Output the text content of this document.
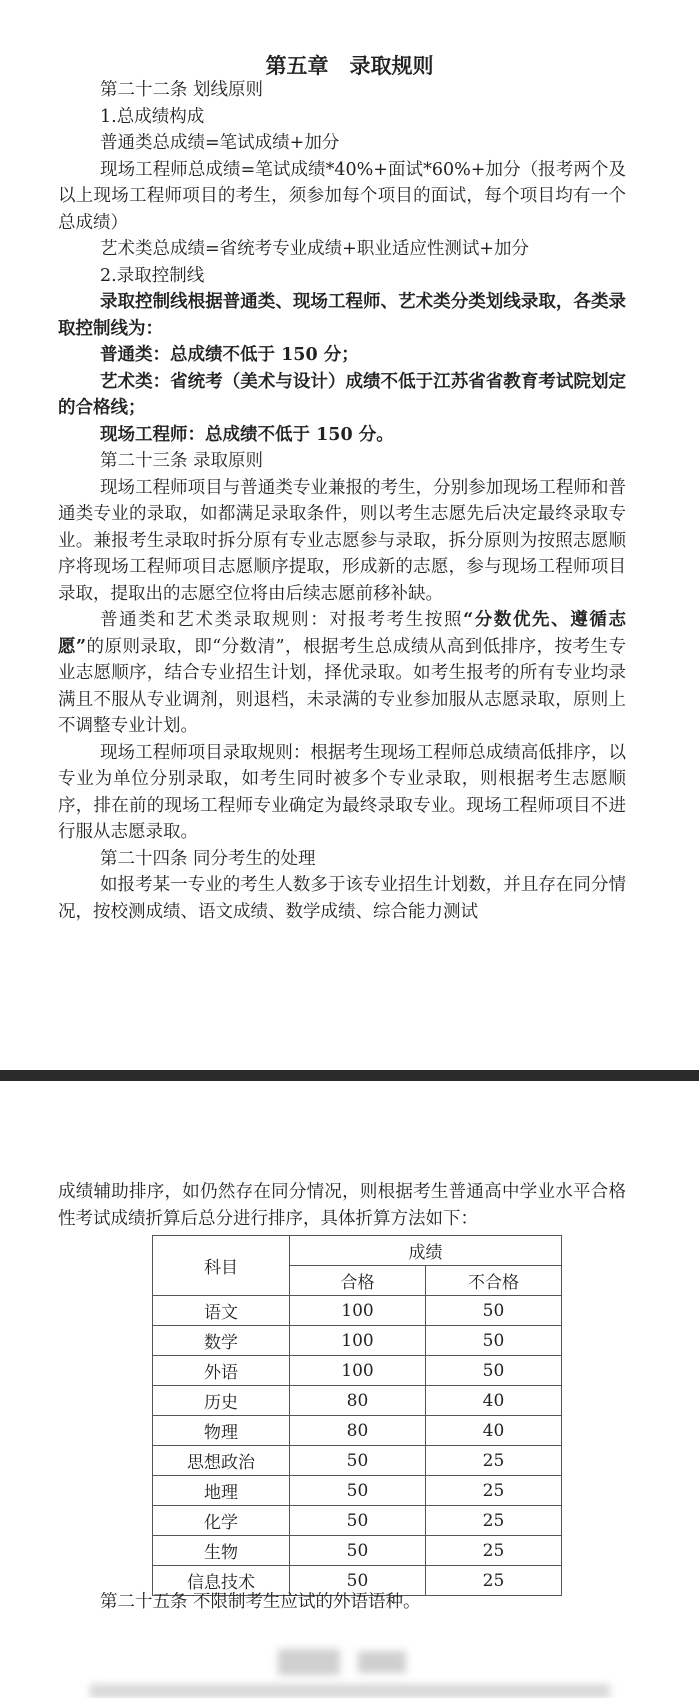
第五章　录取规则

第二十二条 划线原则

1.总成绩构成

普通类总成绩=笔试成绩+加分

现场工程师总成绩=笔试成绩*40%+面试*60%+加分（报考两个及以上现场工程师项目的考生，须参加每个项目的面试，每个项目均有一个总成绩）

艺术类总成绩=省统考专业成绩+职业适应性测试+加分

2.录取控制线

录取控制线根据普通类、现场工程师、艺术类分类划线录取，各类录取控制线为：

普通类：总成绩不低于 150 分；

艺术类：省统考（美术与设计）成绩不低于江苏省省教育考试院划定的合格线；

现场工程师：总成绩不低于 150 分。

第二十三条 录取原则

现场工程师项目与普通类专业兼报的考生，分别参加现场工程师和普通类专业的录取，如都满足录取条件，则以考生志愿先后决定最终录取专业。兼报考生录取时拆分原有专业志愿参与录取，拆分原则为按照志愿顺序将现场工程师项目志愿顺序提取，形成新的志愿，参与现场工程师项目录取，提取出的志愿空位将由后续志愿前移补缺。

普通类和艺术类录取规则：对报考考生按照“分数优先、遵循志愿”的原则录取，即“分数清”，根据考生总成绩从高到低排序，按考生专业志愿顺序，结合专业招生计划，择优录取。如考生报考的所有专业均录满且不服从专业调剂，则退档，未录满的专业参加服从志愿录取，原则上不调整专业计划。

现场工程师项目录取规则：根据考生现场工程师总成绩高低排序，以专业为单位分别录取，如考生同时被多个专业录取，则根据考生志愿顺序，排在前的现场工程师专业确定为最终录取专业。现场工程师项目不进行服从志愿录取。

第二十四条 同分考生的处理

如报考某一专业的考生人数多于该专业招生计划数，并且存在同分情况，按校测成绩、语文成绩、数学成绩、综合能力测试

成绩辅助排序，如仍然存在同分情况，则根据考生普通高中学业水平合格性考试成绩折算后总分进行排序，具体折算方法如下：

科目	成绩	
	合格	不合格
语文	100	50
数学	100	50
外语	100	50
历史	80	40
物理	80	40
思想政治	50	25
地理	50	25
化学	50	25
生物	50	25
信息技术	50	25

第二十五条 不限制考生应试的外语语种。
